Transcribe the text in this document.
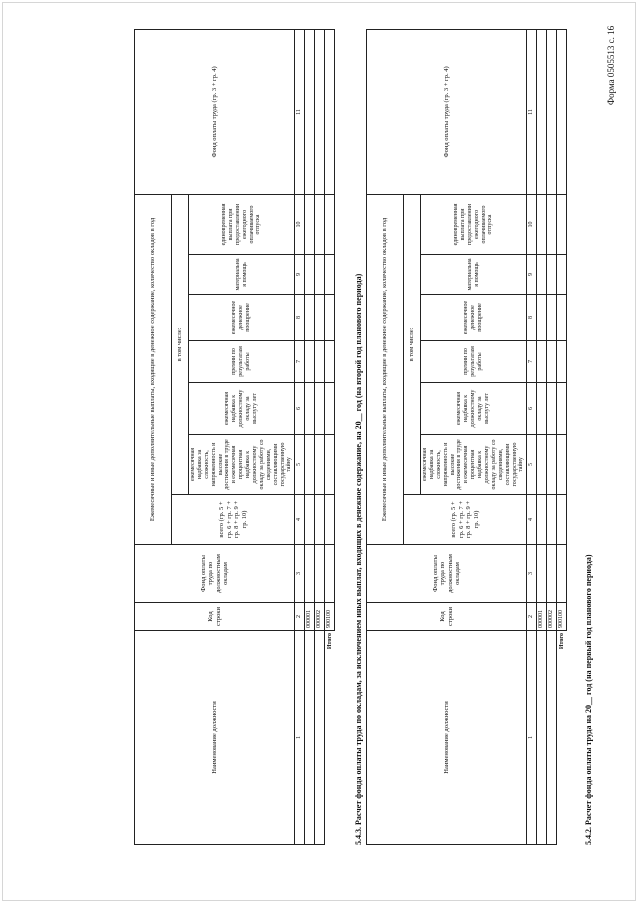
Форма 0505513 с. 16
5.4.2. Расчет фонда оплаты труда на 20__ год (на первый год планового периода)
Наименование должности	Код строки	Фонд оплаты труда по должностным окладам	Ежемесячные и иные дополнительные выплаты, входящие в денежное содержание, количество окладов в год							Фонд оплаты труда (гр. 3 + гр. 4)
			всего (гр. 5 + гр. 6 + гр. 7 + гр. 8 + гр. 9 + гр. 10)	в том числе:						
				ежемесячная надбавка за сложность, напряженность и высокие достижения в труде и ежемесячная процентная надбавка к должностному окладу за работу со сведениями, составляющими государственную тайну	ежемесячная надбавка к должностному окладу за выслугу лет	премии по результатам работы	ежемесячное денежное поощрение	материальная помощь	единовременная выплата при предоставлении ежегодного оплачиваемого отпуска	
1	2	3	4	5	6	7	8	9	10	11
	000001									
	000002									
Итого	900100									
5.4.3. Расчет фонда оплаты труда по окладам, за исключением иных выплат, входящих в денежное содержание, на 20__ год (на второй год планового периода)
Наименование должности	Код строки	Фонд оплаты труда по должностным окладам	Ежемесячные и иные дополнительные выплаты, входящие в денежное содержание, количество окладов в год							Фонд оплаты труда (гр. 3 + гр. 4)
			всего (гр. 5 + гр. 6 + гр. 7 + гр. 8 + гр. 9 + гр. 10)	в том числе:						
				ежемесячная надбавка за сложность, напряженность и высокие достижения в труде и ежемесячная процентная надбавка к должностному окладу за работу со сведениями, составляющими государственную тайну	ежемесячная надбавка к должностному окладу за выслугу лет	премии по результатам работы	ежемесячное денежное поощрение	материальная помощь	единовременная выплата при предоставлении ежегодного оплачиваемого отпуска	
1	2	3	4	5	6	7	8	9	10	11
	000001									
	000002									
Итого	900100									
